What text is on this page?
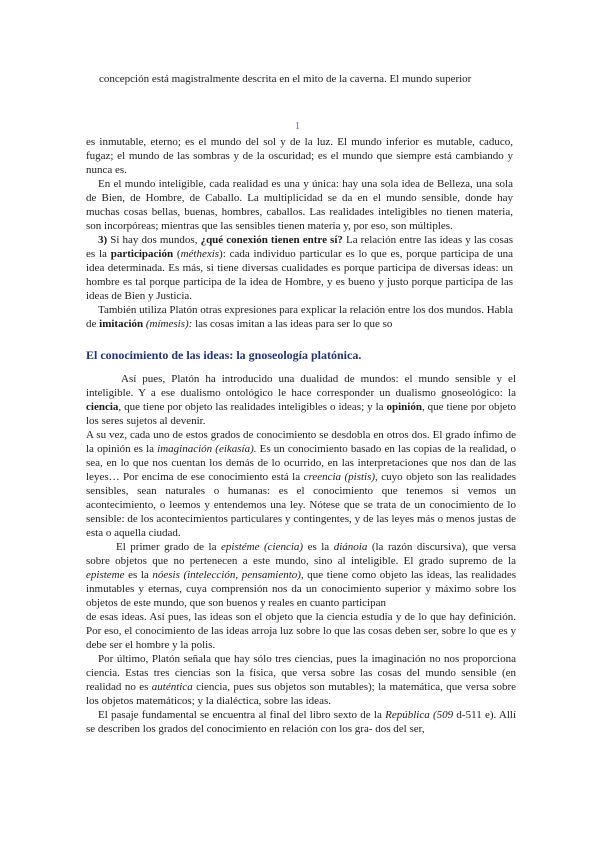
concepción está magistralmente descrita en el mito de la caverna. El mundo superior

1

es inmutable, eterno; es el mundo del sol y de la luz. El mundo inferior es mutable, caduco, fugaz; el mundo de las sombras y de la oscuridad; es el mundo que siempre está cambiando y nunca es.

En el mundo inteligible, cada realidad es una y única: hay una sola idea de Belleza, una sola de Bien, de Hombre, de Caballo. La multiplicidad se da en el mundo sensible, donde hay muchas cosas bellas, buenas, hombres, caballos. Las realidades inteligibles no tienen materia, son incorpóreas; mientras que las sensibles tienen materia y, por eso, son múltiples.

3) Si hay dos mundos, ¿qué conexión tienen entre sí? La relación entre las ideas y las cosas es la participación (méthexis): cada individuo particular es lo que es, porque participa de una idea determinada. Es más, si tiene diversas cualidades es porque participa de diversas ideas: un hombre es tal porque participa de la idea de Hombre, y es bueno y justo porque participa de las ideas de Bien y Justicia.

También utiliza Platón otras expresiones para explicar la relación entre los dos mundos. Habla de imitación (mímesis): las cosas imitan a las ideas para ser lo que so

El conocimiento de las ideas: la gnoseología platónica.

Así pues, Platón ha introducido una dualidad de mundos: el mundo sensible y el inteligible. Y a ese dualismo ontológico le hace corresponder un dualismo gnoseológico: la ciencia, que tiene por objeto las realidades inteligibles o ideas; y la opinión, que tiene por objeto los seres sujetos al devenir.

A su vez, cada uno de estos grados de conocimiento se desdobla en otros dos. El grado ínfimo de la opinión es la imaginación (eikasía). Es un conocimiento basado en las copias de la realidad, o sea, en lo que nos cuentan los demás de lo ocurrido, en las interpretaciones que nos dan de las leyes… Por encima de ese conocimiento está la creencia (pistis), cuyo objeto son las realidades sensibles, sean naturales o humanas: es el conocimiento que tenemos si vemos un acontecimiento, o leemos y entendemos una ley. Nótese que se trata de un conocimiento de lo sensible: de los acontecimientos particulares y contingentes, y de las leyes más o menos justas de esta o aquella ciudad.

El primer grado de la epistéme (ciencia) es la diánoia (la razón discursiva), que versa sobre objetos que no pertenecen a este mundo, sino al inteligible. El grado supremo de la episteme es la nóesis (intelección, pensamiento), que tiene como objeto las ideas, las realidades inmutables y eternas, cuya comprensión nos da un conocimiento superior y máximo sobre los objetos de este mundo, que son buenos y reales en cuanto participan

de esas ideas. Así pues, las ideas son el objeto que la ciencia estudia y de lo que hay definición. Por eso, el conocimiento de las ideas arroja luz sobre lo que las cosas deben ser, sobre lo que es y debe ser el hombre y la polis.

Por último, Platón señala que hay sólo tres ciencias, pues la imaginación no nos proporciona ciencia. Estas tres ciencias son la física, que versa sobre las cosas del mundo sensible (en realidad no es auténtica ciencia, pues sus objetos son mutables); la matemática, que versa sobre los objetos matemáticos; y la dialéctica, sobre las ideas.

El pasaje fundamental se encuentra al final del libro sexto de la República (509 d-511 e). Allí se describen los grados del conocimiento en relación con los gra- dos del ser,
